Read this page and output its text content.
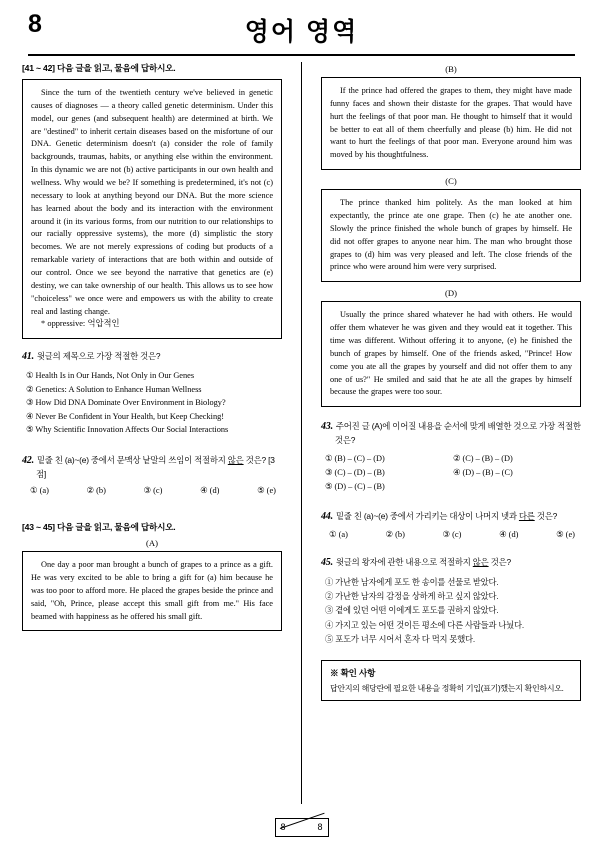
8	영어 영역
[41 ~ 42] 다음 글을 읽고, 물음에 답하시오.

Since the turn of the twentieth century we've believed in genetic causes of diagnoses — a theory called genetic determinism. Under this model, our genes (and subsequent health) are determined at birth. We are "destined" to inherit certain diseases based on the misfortune of our DNA. Genetic determinism doesn't (a) consider the role of family backgrounds, traumas, habits, or anything else within the environment. In this dynamic we are not (b) active participants in our own health and wellness. Why would we be? If something is predetermined, it's not (c) necessary to look at anything beyond our DNA. But the more science has learned about the body and its interaction with the environment around it (in its various forms, from our nutrition to our relationships to our racially oppressive systems), the more (d) simplistic the story becomes. We are not merely expressions of coding but products of a remarkable variety of interactions that are both within and outside of our control. Once we see beyond the narrative that genetics are (e) destiny, we can take ownership of our health. This allows us to see how "choiceless" we once were and empowers us with the ability to create real and lasting change.

* oppressive: 억압적인

41. 윗글의 제목으로 가장 적절한 것은?

① Health Is in Our Hands, Not Only in Our Genes
② Genetics: A Solution to Enhance Human Wellness
③ How Did DNA Dominate Over Environment in Biology?
④ Never Be Confident in Your Health, but Keep Checking!
⑤ Why Scientific Innovation Affects Our Social Interactions

42. 밑줄 친 (a)~(e) 중에서 문맥상 낱말의 쓰임이 적절하지 않은 것은? [3점]

① (a)	② (b)	③ (c)	④ (d)	⑤ (e)
[43 ~ 45] 다음 글을 읽고, 물음에 답하시오.
(A)

One day a poor man brought a bunch of grapes to a prince as a gift. He was very excited to be able to bring a gift for (a) him because he was too poor to afford more. He placed the grapes beside the prince and said, "Oh, Prince, please accept this small gift from me." His face beamed with happiness as he offered his small gift.

(B)

If the prince had offered the grapes to them, they might have made funny faces and shown their distaste for the grapes. That would have hurt the feelings of that poor man. He thought to himself that it would be better to eat all of them cheerfully and please (b) him. He did not want to hurt the feelings of that poor man. Everyone around him was moved by his thoughtfulness.

(C)

The prince thanked him politely. As the man looked at him expectantly, the prince ate one grape. Then (c) he ate another one. Slowly the prince finished the whole bunch of grapes by himself. He did not offer grapes to anyone near him. The man who brought those grapes to (d) him was very pleased and left. The close friends of the prince who were around him were very surprised.

(D)

Usually the prince shared whatever he had with others. He would offer them whatever he was given and they would eat it together. This time was different. Without offering it to anyone, (e) he finished the bunch of grapes by himself. One of the friends asked, "Prince! How come you ate all the grapes by yourself and did not offer them to any one of us?" He smiled and said that he ate all the grapes by himself because the grapes were too sour.

43. 주어진 글 (A)에 이어질 내용을 순서에 맞게 배열한 것으로 가장 적절한 것은?

① (B) – (C) – (D)	② (C) – (B) – (D)
③ (C) – (D) – (B)	④ (D) – (B) – (C)
⑤ (D) – (C) – (B)

44. 밑줄 친 (a)~(e) 중에서 가리키는 대상이 나머지 넷과 다른 것은?

① (a)	② (b)	③ (c)	④ (d)	⑤ (e)

45. 윗글의 왕자에 관한 내용으로 적절하지 않은 것은?

① 가난한 남자에게 포도 한 송이를 선물로 받았다.
② 가난한 남자의 감정을 상하게 하고 싶지 않았다.
③ 곁에 있던 어떤 이에게도 포도를 권하지 않았다.
④ 가지고 있는 어떤 것이든 평소에 다른 사람들과 나눴다.
⑤ 포도가 너무 시어서 혼자 다 먹지 못했다.

※ 확인 사항

답안지의 해당란에 필요한 내용을 정확히 기입(표기)했는지 확인하시오.

8	8
